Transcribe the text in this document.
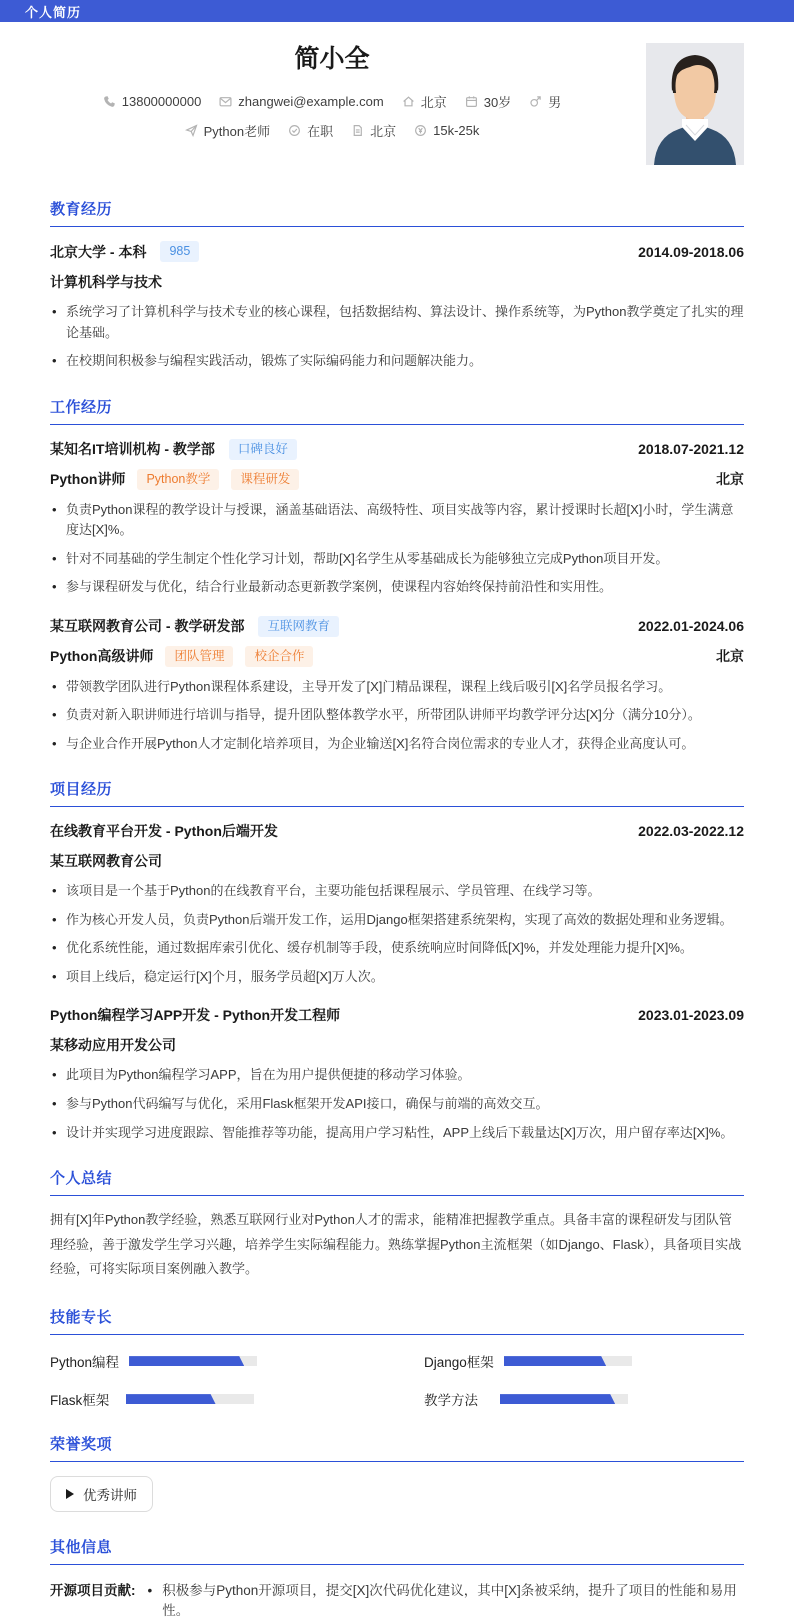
个人简历
简小全
13800000000	zhangwei@example.com	北京	30岁	男
Python老师	在职	北京	15k-25k
教育经历
北京大学 - 本科	985	2014.09-2018.06
计算机科学与技术
• 系统学习了计算机科学与技术专业的核心课程，包括数据结构、算法设计、操作系统等，为Python教学奠定了扎实的理论基础。
• 在校期间积极参与编程实践活动，锻炼了实际编码能力和问题解决能力。
工作经历
某知名IT培训机构 - 教学部	口碑良好	2018.07-2021.12
Python讲师	Python教学	课程研发	北京
• 负责Python课程的教学设计与授课，涵盖基础语法、高级特性、项目实战等内容，累计授课时长超[X]小时，学生满意度达[X]%。
• 针对不同基础的学生制定个性化学习计划，帮助[X]名学生从零基础成长为能够独立完成Python项目开发。
• 参与课程研发与优化，结合行业最新动态更新教学案例，使课程内容始终保持前沿性和实用性。
某互联网教育公司 - 教学研发部	互联网教育	2022.01-2024.06
Python高级讲师	团队管理	校企合作	北京
• 带领教学团队进行Python课程体系建设，主导开发了[X]门精品课程，课程上线后吸引[X]名学员报名学习。
• 负责对新入职讲师进行培训与指导，提升团队整体教学水平，所带团队讲师平均教学评分达[X]分（满分10分）。
• 与企业合作开展Python人才定制化培养项目，为企业输送[X]名符合岗位需求的专业人才，获得企业高度认可。
项目经历
在线教育平台开发 - Python后端开发	2022.03-2022.12
某互联网教育公司
• 该项目是一个基于Python的在线教育平台，主要功能包括课程展示、学员管理、在线学习等。
• 作为核心开发人员，负责Python后端开发工作，运用Django框架搭建系统架构，实现了高效的数据处理和业务逻辑。
• 优化系统性能，通过数据库索引优化、缓存机制等手段，使系统响应时间降低[X]%，并发处理能力提升[X]%。
• 项目上线后，稳定运行[X]个月，服务学员超[X]万人次。
Python编程学习APP开发 - Python开发工程师	2023.01-2023.09
某移动应用开发公司
• 此项目为Python编程学习APP，旨在为用户提供便捷的移动学习体验。
• 参与Python代码编写与优化，采用Flask框架开发API接口，确保与前端的高效交互。
• 设计并实现学习进度跟踪、智能推荐等功能，提高用户学习粘性，APP上线后下载量达[X]万次，用户留存率达[X]%。
个人总结
拥有[X]年Python教学经验，熟悉互联网行业对Python人才的需求，能精准把握教学重点。具备丰富的课程研发与团队管理经验，善于激发学生学习兴趣，培养学生实际编程能力。熟练掌握Python主流框架（如Django、Flask），具备项目实战经验，可将实际项目案例融入教学。
技能专长
Python编程	Django框架
Flask框架	教学方法
荣誉奖项
优秀讲师
其他信息
开源项目贡献: • 积极参与Python开源项目，提交[X]次代码优化建议，其中[X]条被采纳，提升了项目的性能和易用性。
